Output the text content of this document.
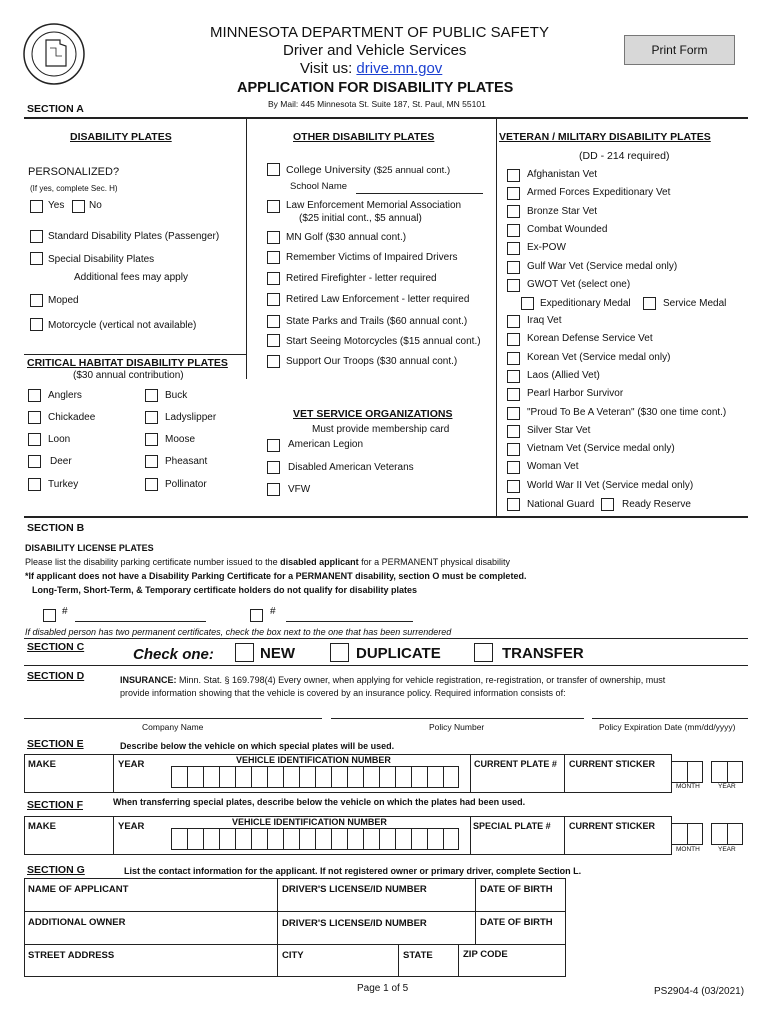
MINNESOTA DEPARTMENT OF PUBLIC SAFETY
Driver and Vehicle Services
Visit us: drive.mn.gov
APPLICATION FOR DISABILITY PLATES
By Mail: 445 Minnesota St. Suite 187, St. Paul, MN 55101
Print Form
SECTION A
DISABILITY PLATES
PERSONALIZED?
(If yes, complete Sec. H)
Yes No
Standard Disability Plates (Passenger)
Special Disability Plates
Additional fees may apply
Moped
Motorcycle (vertical not available)
CRITICAL HABITAT DISABILITY PLATES
($30 annual contribution)
Anglers	Buck
Chickadee	Ladyslipper
Loon	Moose
Deer	Pheasant
Turkey	Pollinator
OTHER DISABILITY PLATES
College University ($25 annual cont.)
School Name
Law Enforcement Memorial Association
($25 initial cont., $5 annual)
MN Golf ($30 annual cont.)
Remember Victims of Impaired Drivers
Retired Firefighter - letter required
Retired Law Enforcement - letter required
State Parks and Trails ($60 annual cont.)
Start Seeing Motorcycles ($15 annual cont.)
Support Our Troops ($30 annual cont.)
VET SERVICE ORGANIZATIONS
Must provide membership card
American Legion
Disabled American Veterans
VFW
VETERAN / MILITARY DISABILITY PLATES
(DD - 214 required)
Afghanistan Vet
Armed Forces Expeditionary Vet
Bronze Star Vet
Combat Wounded
Ex-POW
Gulf War Vet (Service medal only)
GWOT Vet (select one)
Expeditionary Medal	Service Medal
Iraq Vet
Korean Defense Service Vet
Korean Vet (Service medal only)
Laos (Allied Vet)
Pearl Harbor Survivor
"Proud To Be A Veteran" ($30 one time cont.)
Silver Star Vet
Vietnam Vet (Service medal only)
Woman Vet
World War II Vet (Service medal only)
National Guard	Ready Reserve
SECTION B
DISABILITY LICENSE PLATES
Please list the disability parking certificate number issued to the disabled applicant for a PERMANENT physical disability
*If applicant does not have a Disability Parking Certificate for a PERMANENT disability, section O must be completed.
Long-Term, Short-Term, & Temporary certificate holders do not qualify for disability plates
#	#
If disabled person has two permanent certificates, check the box next to the one that has been surrendered
SECTION C	Check one:	NEW	DUPLICATE	TRANSFER
SECTION D	INSURANCE: Minn. Stat. § 169.798(4) Every owner, when applying for vehicle registration, re-registration, or transfer of ownership, must
provide information showing that the vehicle is covered by an insurance policy. Required information consists of:
Company Name	Policy Number	Policy Expiration Date (mm/dd/yyyy)
SECTION E	Describe below the vehicle on which special plates will be used.
MAKE	YEAR	VEHICLE IDENTIFICATION NUMBER	CURRENT PLATE # CURRENT STICKER
MONTH	YEAR
SECTION F	When transferring special plates, describe below the vehicle on which the plates had been used.
MAKE	YEAR	VEHICLE IDENTIFICATION NUMBER	SPECIAL PLATE # CURRENT STICKER
MONTH	YEAR
SECTION G	List the contact information for the applicant. If not registered owner or primary driver, complete Section L.
NAME OF APPLICANT	DRIVER'S LICENSE/ID NUMBER	DATE OF BIRTH
ADDITIONAL OWNER	DRIVER'S LICENSE/ID NUMBER	DATE OF BIRTH
STREET ADDRESS	CITY	STATE	ZIP CODE
Page 1 of 5	PS2904-4 (03/2021)
